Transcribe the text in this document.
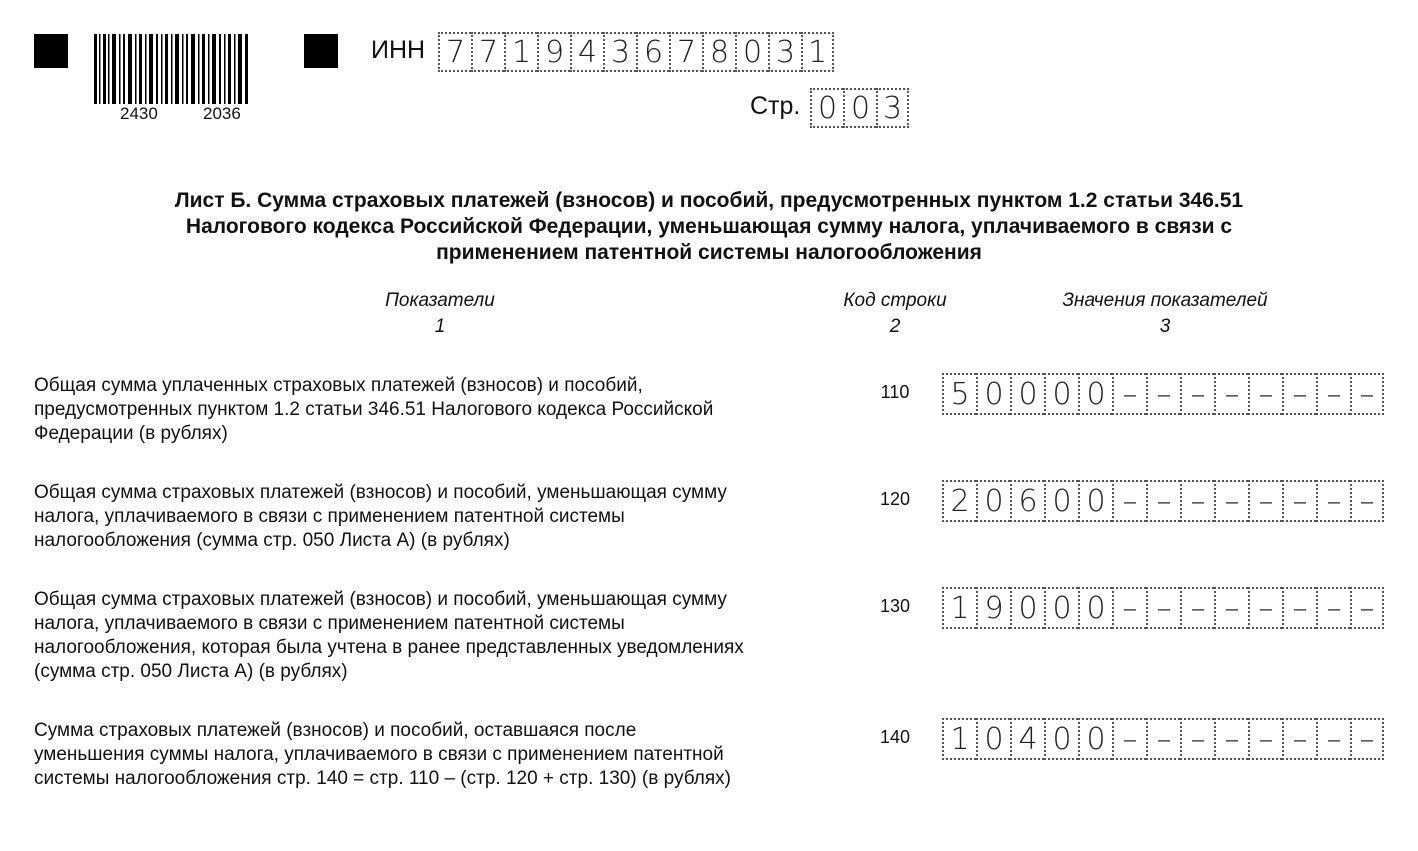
2430	2036
ИНН 7 7 1 9 4 3 6 7 8 0 3 1
Стр. 0 0 3
Лист Б. Сумма страховых платежей (взносов) и пособий, предусмотренных пунктом 1.2 статьи 346.51
Налогового кодекса Российской Федерации, уменьшающая сумму налога, уплачиваемого в связи с
применением патентной системы налогообложения
Показатели
1
Код строки
2
Значения показателей
3
Общая сумма уплаченных страховых платежей (взносов) и пособий,
предусмотренных пунктом 1.2 статьи 346.51 Налогового кодекса Российской
Федерации (в рублях)
110	5 0 0 0 0 – – – – – – – –
Общая сумма страховых платежей (взносов) и пособий, уменьшающая сумму
налога, уплачиваемого в связи с применением патентной системы
налогообложения (сумма стр. 050 Листа А) (в рублях)
120	2 0 6 0 0 – – – – – – – –
Общая сумма страховых платежей (взносов) и пособий, уменьшающая сумму
налога, уплачиваемого в связи с применением патентной системы
налогообложения, которая была учтена в ранее представленных уведомлениях
(сумма стр. 050 Листа А) (в рублях)
130	1 9 0 0 0 – – – – – – – –
Сумма страховых платежей (взносов) и пособий, оставшаяся после
уменьшения суммы налога, уплачиваемого в связи с применением патентной
системы налогообложения стр. 140 = стр. 110 – (стр. 120 + стр. 130) (в рублях)
140	1 0 4 0 0 – – – – – – – –
